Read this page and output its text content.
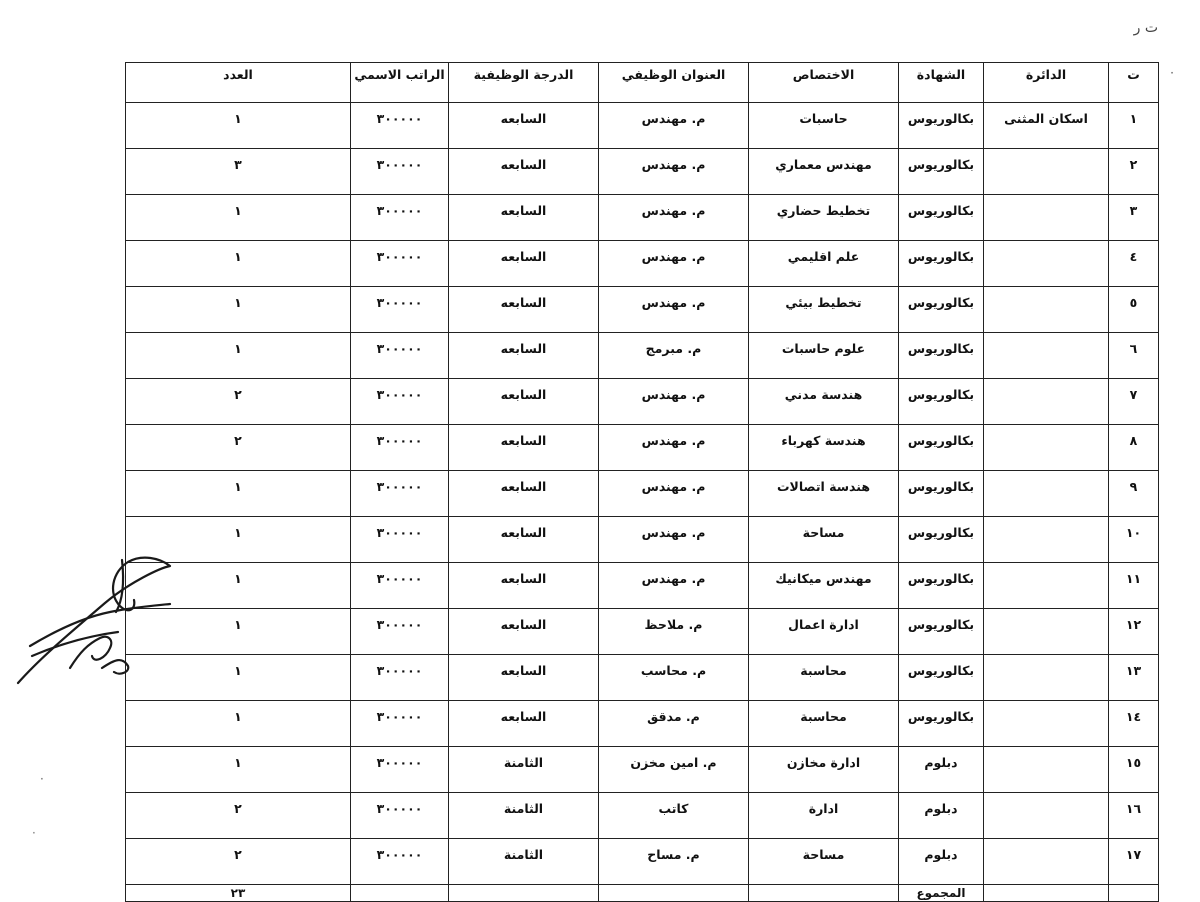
ت ر
·
·
·
ت	الدائرة	الشهادة	الاختصاص	العنوان الوظيفي	الدرجة الوظيفية	الراتب الاسمي	العدد
١	اسكان المثنى	بكالوريوس	حاسبات	م. مهندس	السابعه	٣٠٠٠٠٠	١
٢		بكالوريوس	مهندس معماري	م. مهندس	السابعه	٣٠٠٠٠٠	٣
٣		بكالوريوس	تخطيط حضاري	م. مهندس	السابعه	٣٠٠٠٠٠	١
٤		بكالوريوس	علم اقليمي	م. مهندس	السابعه	٣٠٠٠٠٠	١
٥		بكالوريوس	تخطيط بيئي	م. مهندس	السابعه	٣٠٠٠٠٠	١
٦		بكالوريوس	علوم حاسبات	م. مبرمج	السابعه	٣٠٠٠٠٠	١
٧		بكالوريوس	هندسة مدني	م. مهندس	السابعه	٣٠٠٠٠٠	٢
٨		بكالوريوس	هندسة كهرباء	م. مهندس	السابعه	٣٠٠٠٠٠	٢
٩		بكالوريوس	هندسة اتصالات	م. مهندس	السابعه	٣٠٠٠٠٠	١
١٠		بكالوريوس	مساحة	م. مهندس	السابعه	٣٠٠٠٠٠	١
١١		بكالوريوس	مهندس ميكانيك	م. مهندس	السابعه	٣٠٠٠٠٠	١
١٢		بكالوريوس	ادارة اعمال	م. ملاحظ	السابعه	٣٠٠٠٠٠	١
١٣		بكالوريوس	محاسبة	م. محاسب	السابعه	٣٠٠٠٠٠	١
١٤		بكالوريوس	محاسبة	م. مدقق	السابعه	٣٠٠٠٠٠	١
١٥		دبلوم	ادارة مخازن	م. امين مخزن	الثامنة	٣٠٠٠٠٠	١
١٦		دبلوم	ادارة	كاتب	الثامنة	٣٠٠٠٠٠	٢
١٧		دبلوم	مساحة	م. مساح	الثامنة	٣٠٠٠٠٠	٢
		المجموع					٢٣
